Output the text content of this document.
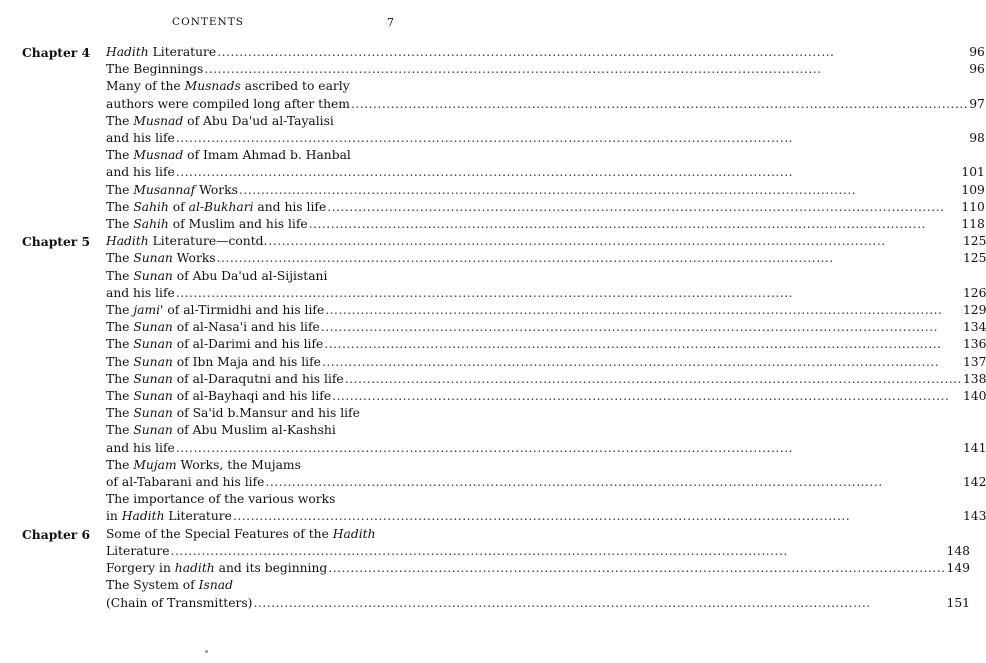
CONTENTS	7
Chapter 4	Hadith Literature .....	96
The Beginnings .....	96
Many of the Musnads ascribed to early
authors were compiled long after them .....	97
The Musnad of Abu Da'ud al-Tayalisi
and his life .....	98
The Musnad of Imam Ahmad b. Hanbal
and his life .....	101
The Musannaf Works .....	109
The Sahih of al-Bukhari and his life .....	110
The Sahih of Muslim and his life .....	118
Chapter 5	Hadith Literature—contd. .....	125
The Sunan Works .....	125
The Sunan of Abu Da'ud al-Sijistani
and his life .....	126
The jami' of al-Tirmidhi and his life .....	129
The Sunan of al-Nasa'i and his life .....	134
The Sunan of al-Darimi and his life .....	136
The Sunan of Ibn Maja and his life .....	137
The Sunan of al-Daraqutni and his life .....	138
The Sunan of al-Bayhaqi and his life .....	140
The Sunan of Sa'id b.Mansur and his life
The Sunan of Abu Muslim al-Kashshi
and his life .....	141
The Mujam Works, the Mujams
of al-Tabarani and his life .....	142
The importance of the various works
in Hadith Literature .....	143
Chapter 6	Some of the Special Features of the Hadith
Literature .....	148
Forgery in hadith and its beginning .....	149
The System of Isnad
(Chain of Transmitters) .....	151
